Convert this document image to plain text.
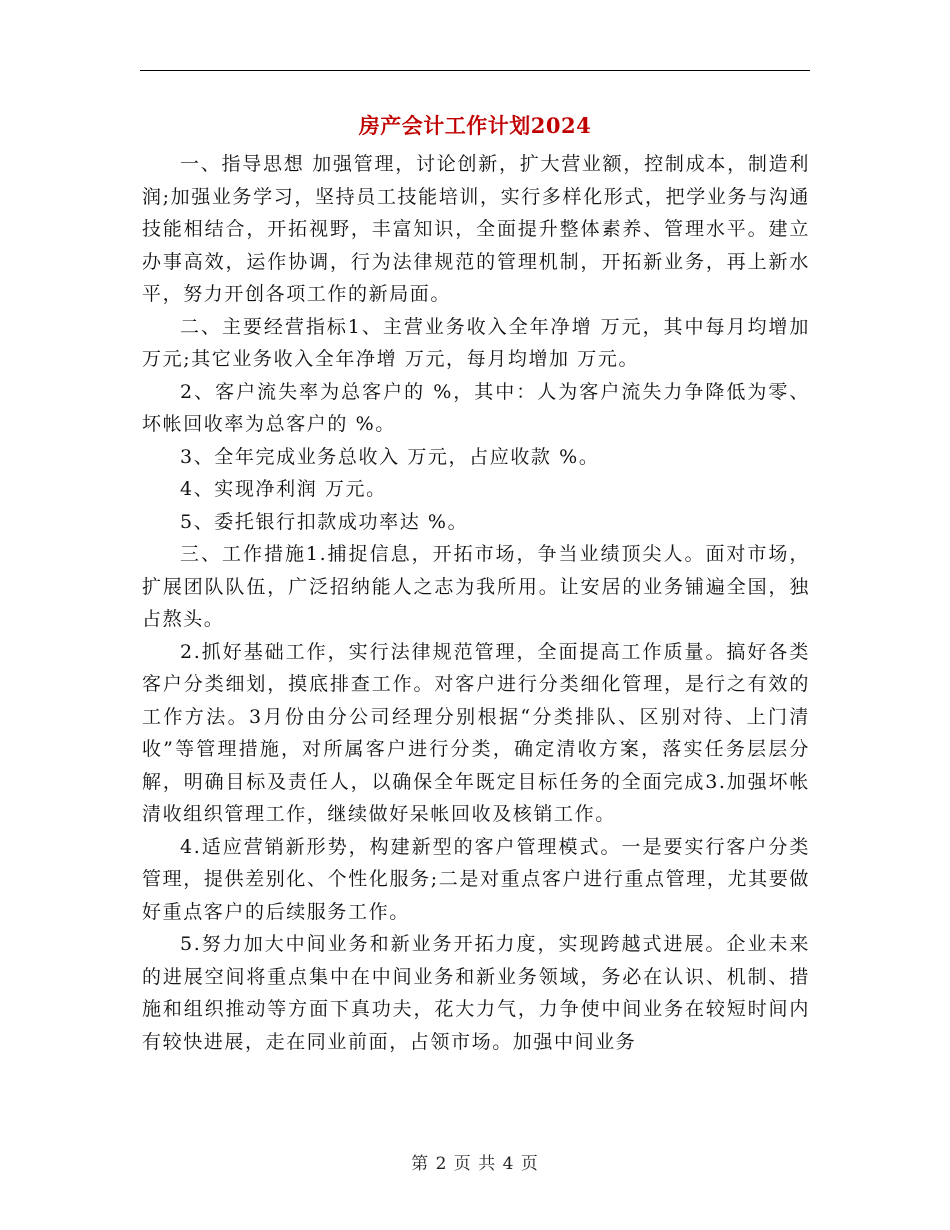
房产会计工作计划2024

一、指导思想 加强管理，讨论创新，扩大营业额，控制成本，制造利润;加强业务学习，坚持员工技能培训，实行多样化形式，把学业务与沟通技能相结合，开拓视野，丰富知识，全面提升整体素养、管理水平。建立办事高效，运作协调，行为法律规范的管理机制，开拓新业务，再上新水平，努力开创各项工作的新局面。

二、主要经营指标1、主营业务收入全年净增 万元，其中每月均增加 万元;其它业务收入全年净增 万元，每月均增加 万元。

2、客户流失率为总客户的 %，其中：人为客户流失力争降低为零、坏帐回收率为总客户的 %。

3、全年完成业务总收入 万元，占应收款 %。

4、实现净利润 万元。

5、委托银行扣款成功率达 %。

三、工作措施1.捕捉信息，开拓市场，争当业绩顶尖人。面对市场，扩展团队队伍，广泛招纳能人之志为我所用。让安居的业务铺遍全国，独占熬头。

2.抓好基础工作，实行法律规范管理，全面提高工作质量。搞好各类客户分类细划，摸底排查工作。对客户进行分类细化管理，是行之有效的工作方法。3月份由分公司经理分别根据“分类排队、区别对待、上门清收”等管理措施，对所属客户进行分类，确定清收方案，落实任务层层分解，明确目标及责任人，以确保全年既定目标任务的全面完成3.加强坏帐清收组织管理工作，继续做好呆帐回收及核销工作。

4.适应营销新形势，构建新型的客户管理模式。一是要实行客户分类管理，提供差别化、个性化服务;二是对重点客户进行重点管理，尤其要做好重点客户的后续服务工作。

5.努力加大中间业务和新业务开拓力度，实现跨越式进展。企业未来的进展空间将重点集中在中间业务和新业务领域，务必在认识、机制、措施和组织推动等方面下真功夫，花大力气，力争使中间业务在较短时间内有较快进展，走在同业前面，占领市场。加强中间业务

第 2 页 共 4 页
